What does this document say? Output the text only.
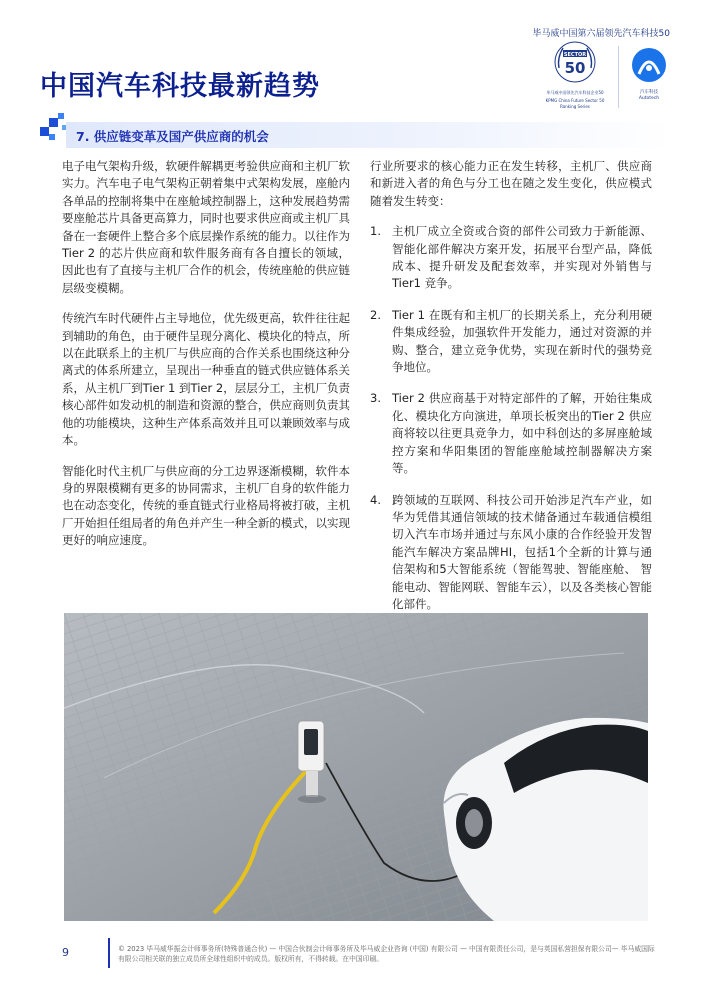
毕马威中国第六届领先汽车科技50
SECTOR
50
毕马威中国领先汽车科技企业50
KPMG China Future Sector 50 Ranking Series
汽车科技
Autotech
中国汽车科技最新趋势
7. 供应链变革及国产供应商的机会

电子电气架构升级，软硬件解耦更考验供应商和主机厂软实力。汽车电子电气架构正朝着集中式架构发展，座舱内各单品的控制将集中在座舱域控制器上，这种发展趋势需要座舱芯片具备更高算力，同时也要求供应商或主机厂具备在一套硬件上整合多个底层操作系统的能力。以往作为Tier 2 的芯片供应商和软件服务商有各自擅长的领域，因此也有了直接与主机厂合作的机会，传统座舱的供应链层级变模糊。

传统汽车时代硬件占主导地位，优先级更高，软件往往起到辅助的角色，由于硬件呈现分离化、模块化的特点，所以在此联系上的主机厂与供应商的合作关系也围绕这种分离式的体系所建立，呈现出一种垂直的链式供应链体系关系，从主机厂到Tier 1 到Tier 2，层层分工，主机厂负责核心部件如发动机的制造和资源的整合，供应商则负责其他的功能模块，这种生产体系高效并且可以兼顾效率与成本。

智能化时代主机厂与供应商的分工边界逐渐模糊，软件本身的界限模糊有更多的协同需求，主机厂自身的软件能力也在动态变化，传统的垂直链式行业格局将被打破，主机厂开始担任组局者的角色并产生一种全新的模式，以实现更好的响应速度。

行业所要求的核心能力正在发生转移，主机厂、供应商和新进入者的角色与分工也在随之发生变化，供应模式随着发生转变：

1. 主机厂成立全资或合资的部件公司致力于新能源、智能化部件解决方案开发，拓展平台型产品，降低成本、提升研发及配套效率，并实现对外销售与Tier1 竞争。
2. Tier 1 在既有和主机厂的长期关系上，充分利用硬件集成经验，加强软件开发能力，通过对资源的并购、整合，建立竞争优势，实现在新时代的强势竞争地位。
3. Tier 2 供应商基于对特定部件的了解，开始往集成化、模块化方向演进，单项长板突出的Tier 2 供应商将较以往更具竞争力，如中科创达的多屏座舱域控方案和华阳集团的智能座舱域控制器解决方案等。
4. 跨领域的互联网、科技公司开始涉足汽车产业，如华为凭借其通信领域的技术储备通过车载通信模组切入汽车市场并通过与东风小康的合作经验开发智能汽车解决方案品牌HI，包括1个全新的计算与通信架构和5大智能系统（智能驾驶、智能座舱、 智能电动、智能网联、智能车云），以及各类核心智能化部件。
9	© 2023 毕马威华振会计师事务所(特殊普通合伙) — 中国合伙制会计师事务所及毕马威企业咨询 (中国) 有限公司 — 中国有限责任公司，是与英国私营担保有限公司— 毕马威国际有限公司相关联的独立成员所全球性组织中的成员。版权所有，不得转载。在中国印刷。
